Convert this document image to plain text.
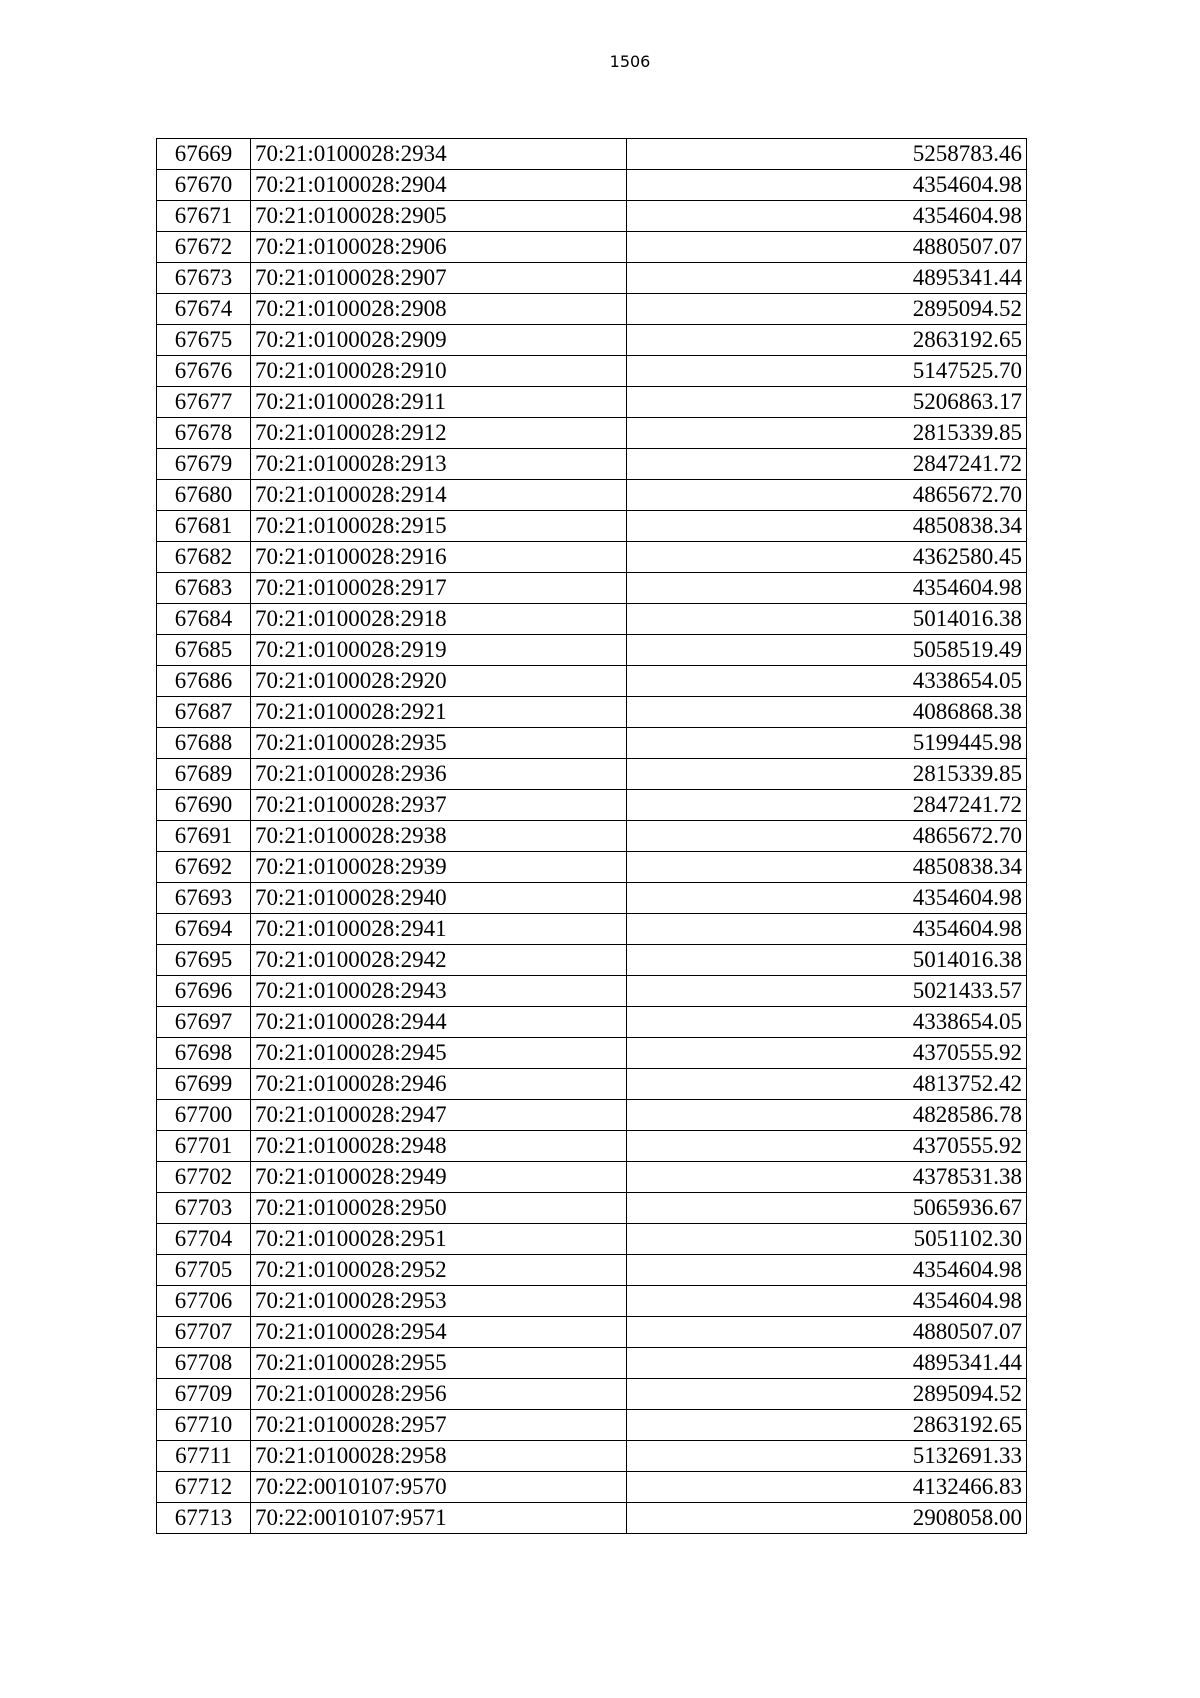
1506
67669	70:21:0100028:2934	5258783.46
67670	70:21:0100028:2904	4354604.98
67671	70:21:0100028:2905	4354604.98
67672	70:21:0100028:2906	4880507.07
67673	70:21:0100028:2907	4895341.44
67674	70:21:0100028:2908	2895094.52
67675	70:21:0100028:2909	2863192.65
67676	70:21:0100028:2910	5147525.70
67677	70:21:0100028:2911	5206863.17
67678	70:21:0100028:2912	2815339.85
67679	70:21:0100028:2913	2847241.72
67680	70:21:0100028:2914	4865672.70
67681	70:21:0100028:2915	4850838.34
67682	70:21:0100028:2916	4362580.45
67683	70:21:0100028:2917	4354604.98
67684	70:21:0100028:2918	5014016.38
67685	70:21:0100028:2919	5058519.49
67686	70:21:0100028:2920	4338654.05
67687	70:21:0100028:2921	4086868.38
67688	70:21:0100028:2935	5199445.98
67689	70:21:0100028:2936	2815339.85
67690	70:21:0100028:2937	2847241.72
67691	70:21:0100028:2938	4865672.70
67692	70:21:0100028:2939	4850838.34
67693	70:21:0100028:2940	4354604.98
67694	70:21:0100028:2941	4354604.98
67695	70:21:0100028:2942	5014016.38
67696	70:21:0100028:2943	5021433.57
67697	70:21:0100028:2944	4338654.05
67698	70:21:0100028:2945	4370555.92
67699	70:21:0100028:2946	4813752.42
67700	70:21:0100028:2947	4828586.78
67701	70:21:0100028:2948	4370555.92
67702	70:21:0100028:2949	4378531.38
67703	70:21:0100028:2950	5065936.67
67704	70:21:0100028:2951	5051102.30
67705	70:21:0100028:2952	4354604.98
67706	70:21:0100028:2953	4354604.98
67707	70:21:0100028:2954	4880507.07
67708	70:21:0100028:2955	4895341.44
67709	70:21:0100028:2956	2895094.52
67710	70:21:0100028:2957	2863192.65
67711	70:21:0100028:2958	5132691.33
67712	70:22:0010107:9570	4132466.83
67713	70:22:0010107:9571	2908058.00
